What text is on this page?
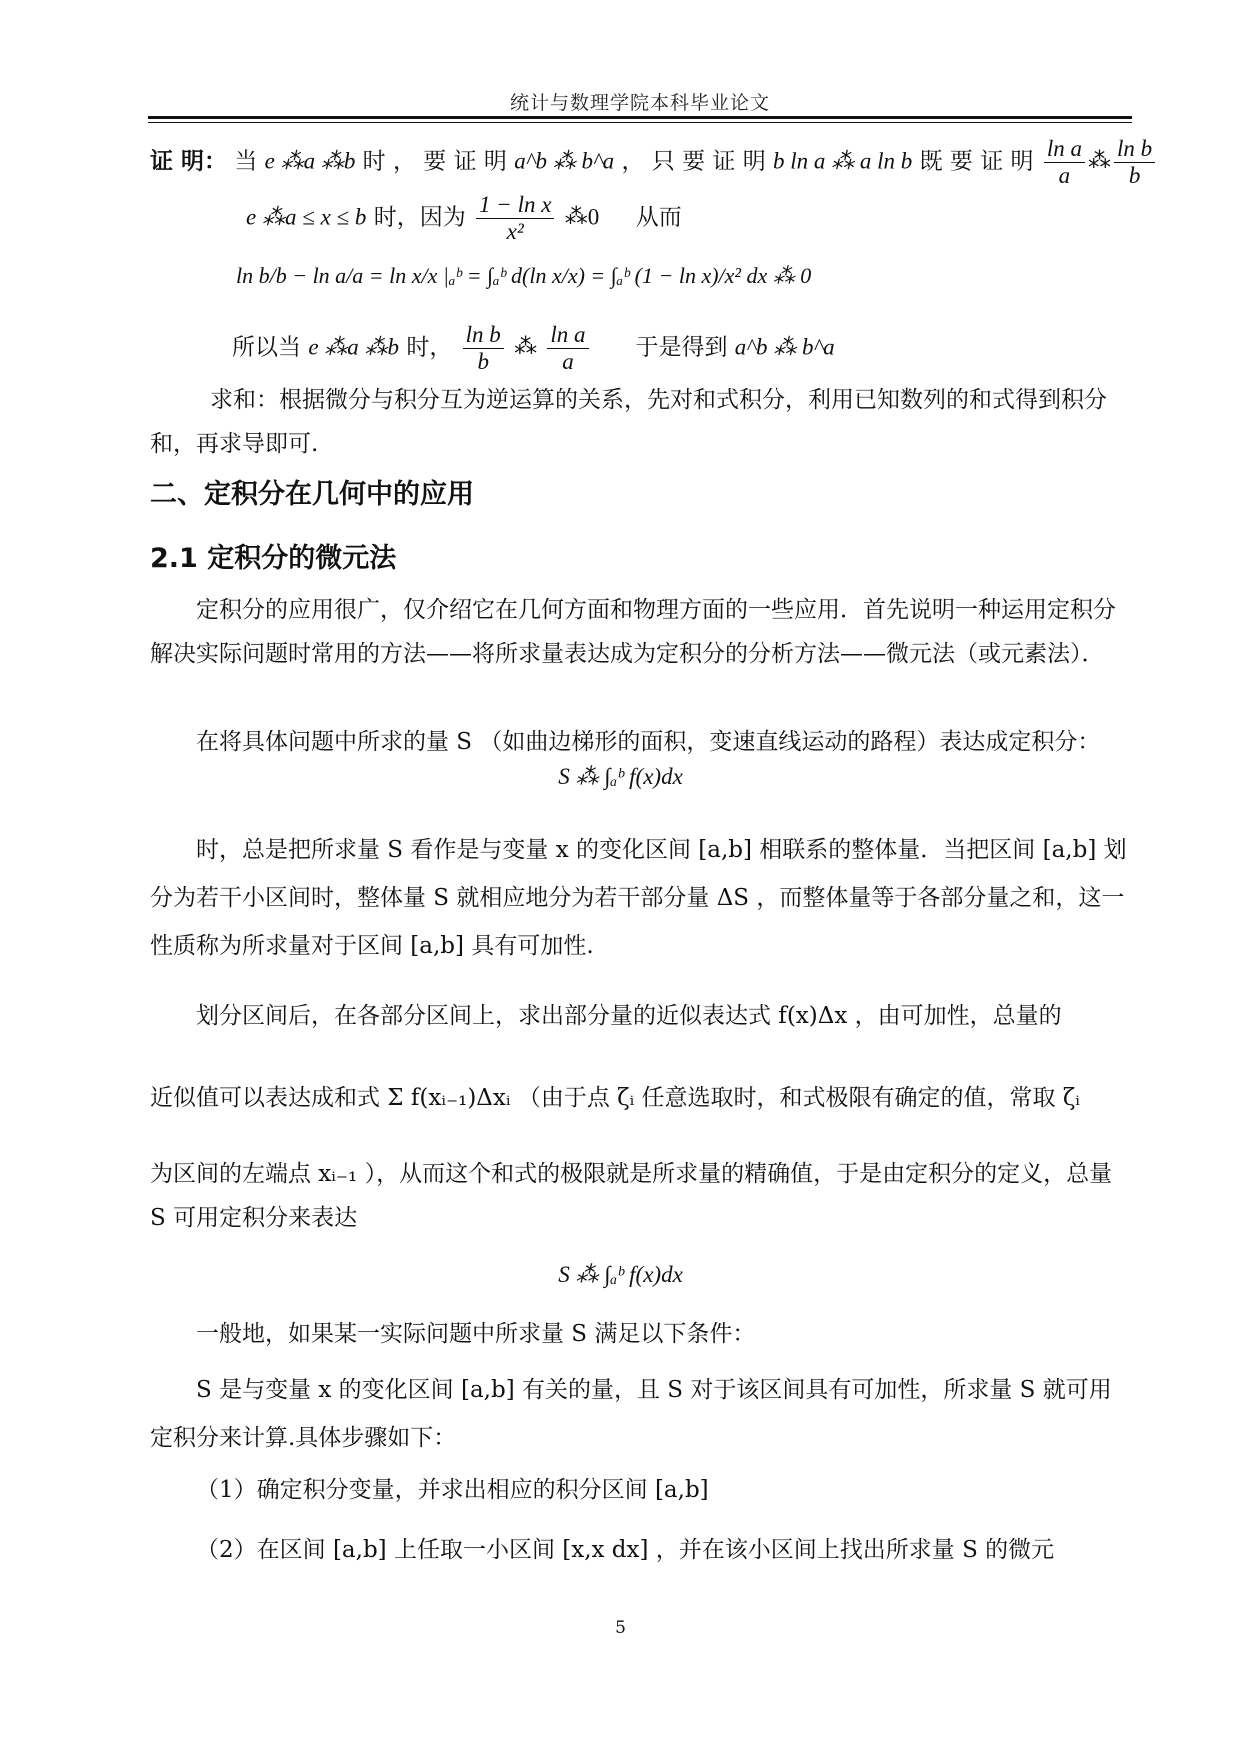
统计与数理学院本科毕业论文
证 明： 当 e ⁂a ⁂b 时 ， 要 证 明 a^b ⁂ b^a ， 只 要 证 明 b ln a ⁂ a ln b 既 要 证 明 $\frac{\text{ln a}}{a}$ ⁂ $\frac{\text{ln b}}{b}$
e ⁂a ≤ x ≤ b 时，因为 $\frac{\text{1 − ln x}}{\text{x²}}$ ⁂0 从而
ln b/b − ln a/a = ln x/x |ₐᵇ = ∫ₐᵇ d(ln x/x) = ∫ₐᵇ (1 − ln x)/x² dx ⁂ 0
所以当 e ⁂a ⁂b 时， $\frac{\text{ln b}}{b}$ ⁂ $\frac{\text{ln a}}{a}$ 于是得到 a^b ⁂ b^a
求和：根据微分与积分互为逆运算的关系，先对和式积分，利用已知数列的和式得到积分和，再求导即可.
二、定积分在几何中的应用
2.1 定积分的微元法
定积分的应用很广，仅介绍它在几何方面和物理方面的一些应用．首先说明一种运用定积分解决实际问题时常用的方法——将所求量表达成为定积分的分析方法——微元法（或元素法）．
在将具体问题中所求的量 S （如曲边梯形的面积，变速直线运动的路程）表达成定积分：
S ⁂ ∫ₐᵇ f(x)dx
时，总是把所求量 S 看作是与变量 x 的变化区间 [a,b] 相联系的整体量．当把区间 [a,b] 划分为若干小区间时，整体量 S 就相应地分为若干部分量 ΔS ，而整体量等于各部分量之和，这一性质称为所求量对于区间 [a,b] 具有可加性.
划分区间后，在各部分区间上，求出部分量的近似表达式 f(x)Δx ，由可加性，总量的
近似值可以表达成和式 Σ f(xᵢ₋₁)Δxᵢ （由于点 ζᵢ 任意选取时，和式极限有确定的值，常取 ζᵢ
为区间的左端点 xᵢ₋₁ ），从而这个和式的极限就是所求量的精确值，于是由定积分的定义，总量 S 可用定积分来表达
S ⁂ ∫ₐᵇ f(x)dx
一般地，如果某一实际问题中所求量 S 满足以下条件：
S 是与变量 x 的变化区间 [a,b] 有关的量，且 S 对于该区间具有可加性，所求量 S 就可用定积分来计算.具体步骤如下：
（1）确定积分变量，并求出相应的积分区间 [a,b]
（2）在区间 [a,b] 上任取一小区间 [x,x dx] ，并在该小区间上找出所求量 S 的微元
5
